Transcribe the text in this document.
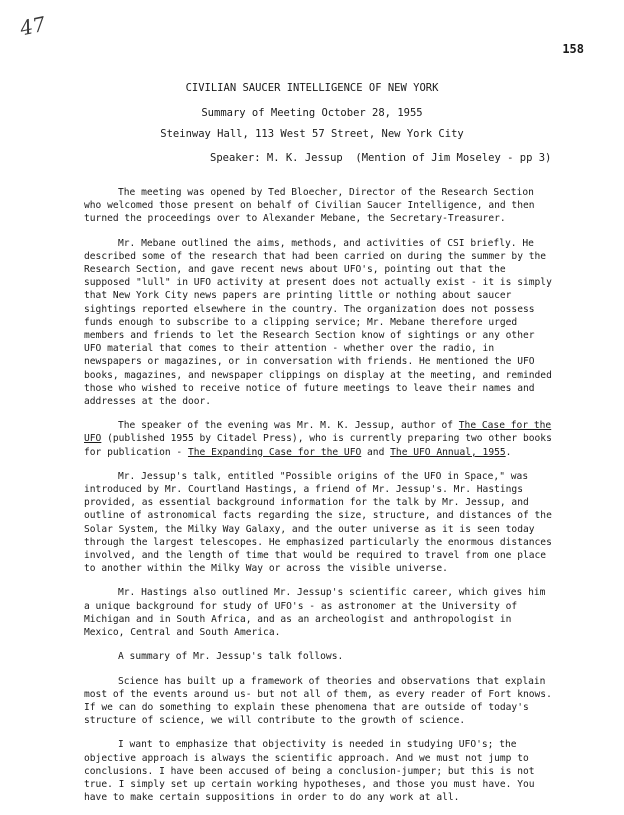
47
158
CIVILIAN SAUCER INTELLIGENCE OF NEW YORK
Summary of Meeting October 28, 1955
Steinway Hall, 113 West 57 Street, New York City
Speaker: M. K. Jessup  (Mention of Jim Moseley - pp 3)

The meeting was opened by Ted Bloecher, Director of the Research Section who welcomed those present on behalf of Civilian Saucer Intelligence, and then turned the proceedings over to Alexander Mebane, the Secretary-Treasurer.

Mr. Mebane outlined the aims, methods, and activities of CSI briefly. He described some of the research that had been carried on during the summer by the Research Section, and gave recent news about UFO's, pointing out that the supposed "lull" in UFO activity at present does not actually exist - it is simply that New York City news papers are printing little or nothing about saucer sightings reported elsewhere in the country. The organization does not possess funds enough to subscribe to a clipping service; Mr. Mebane therefore urged members and friends to let the Research Section know of sightings or any other UFO material that comes to their attention - whether over the radio, in newspapers or magazines, or in conversation with friends. He mentioned the UFO books, magazines, and newspaper clippings on display at the meeting, and reminded those who wished to receive notice of future meetings to leave their names and addresses at the door.

The speaker of the evening was Mr. M. K. Jessup, author of The Case for the UFO (published 1955 by Citadel Press), who is currently preparing two other books for publication - The Expanding Case for the UFO and The UFO Annual, 1955.

Mr. Jessup's talk, entitled "Possible origins of the UFO in Space," was introduced by Mr. Courtland Hastings, a friend of Mr. Jessup's. Mr. Hastings provided, as essential background information for the talk by Mr. Jessup, and outline of astronomical facts regarding the size, structure, and distances of the Solar System, the Milky Way Galaxy, and the outer universe as it is seen today through the largest telescopes. He emphasized particularly the enormous distances involved, and the length of time that would be required to travel from one place to another within the Milky Way or across the visible universe.

Mr. Hastings also outlined Mr. Jessup's scientific career, which gives him a unique background for study of UFO's - as astronomer at the University of Michigan and in South Africa, and as an archeologist and anthropologist in Mexico, Central and South America.

A summary of Mr. Jessup's talk follows.

Science has built up a framework of theories and observations that explain most of the events around us- but not all of them, as every reader of Fort knows. If we can do something to explain these phenomena that are outside of today's structure of science, we will contribute to the growth of science.

I want to emphasize that objectivity is needed in studying UFO's; the objective approach is always the scientific approach. And we must not jump to conclusions. I have been accused of being a conclusion-jumper; but this is not true. I simply set up certain working hypotheses, and those you must have. You have to make certain suppositions in order to do any work at all.
